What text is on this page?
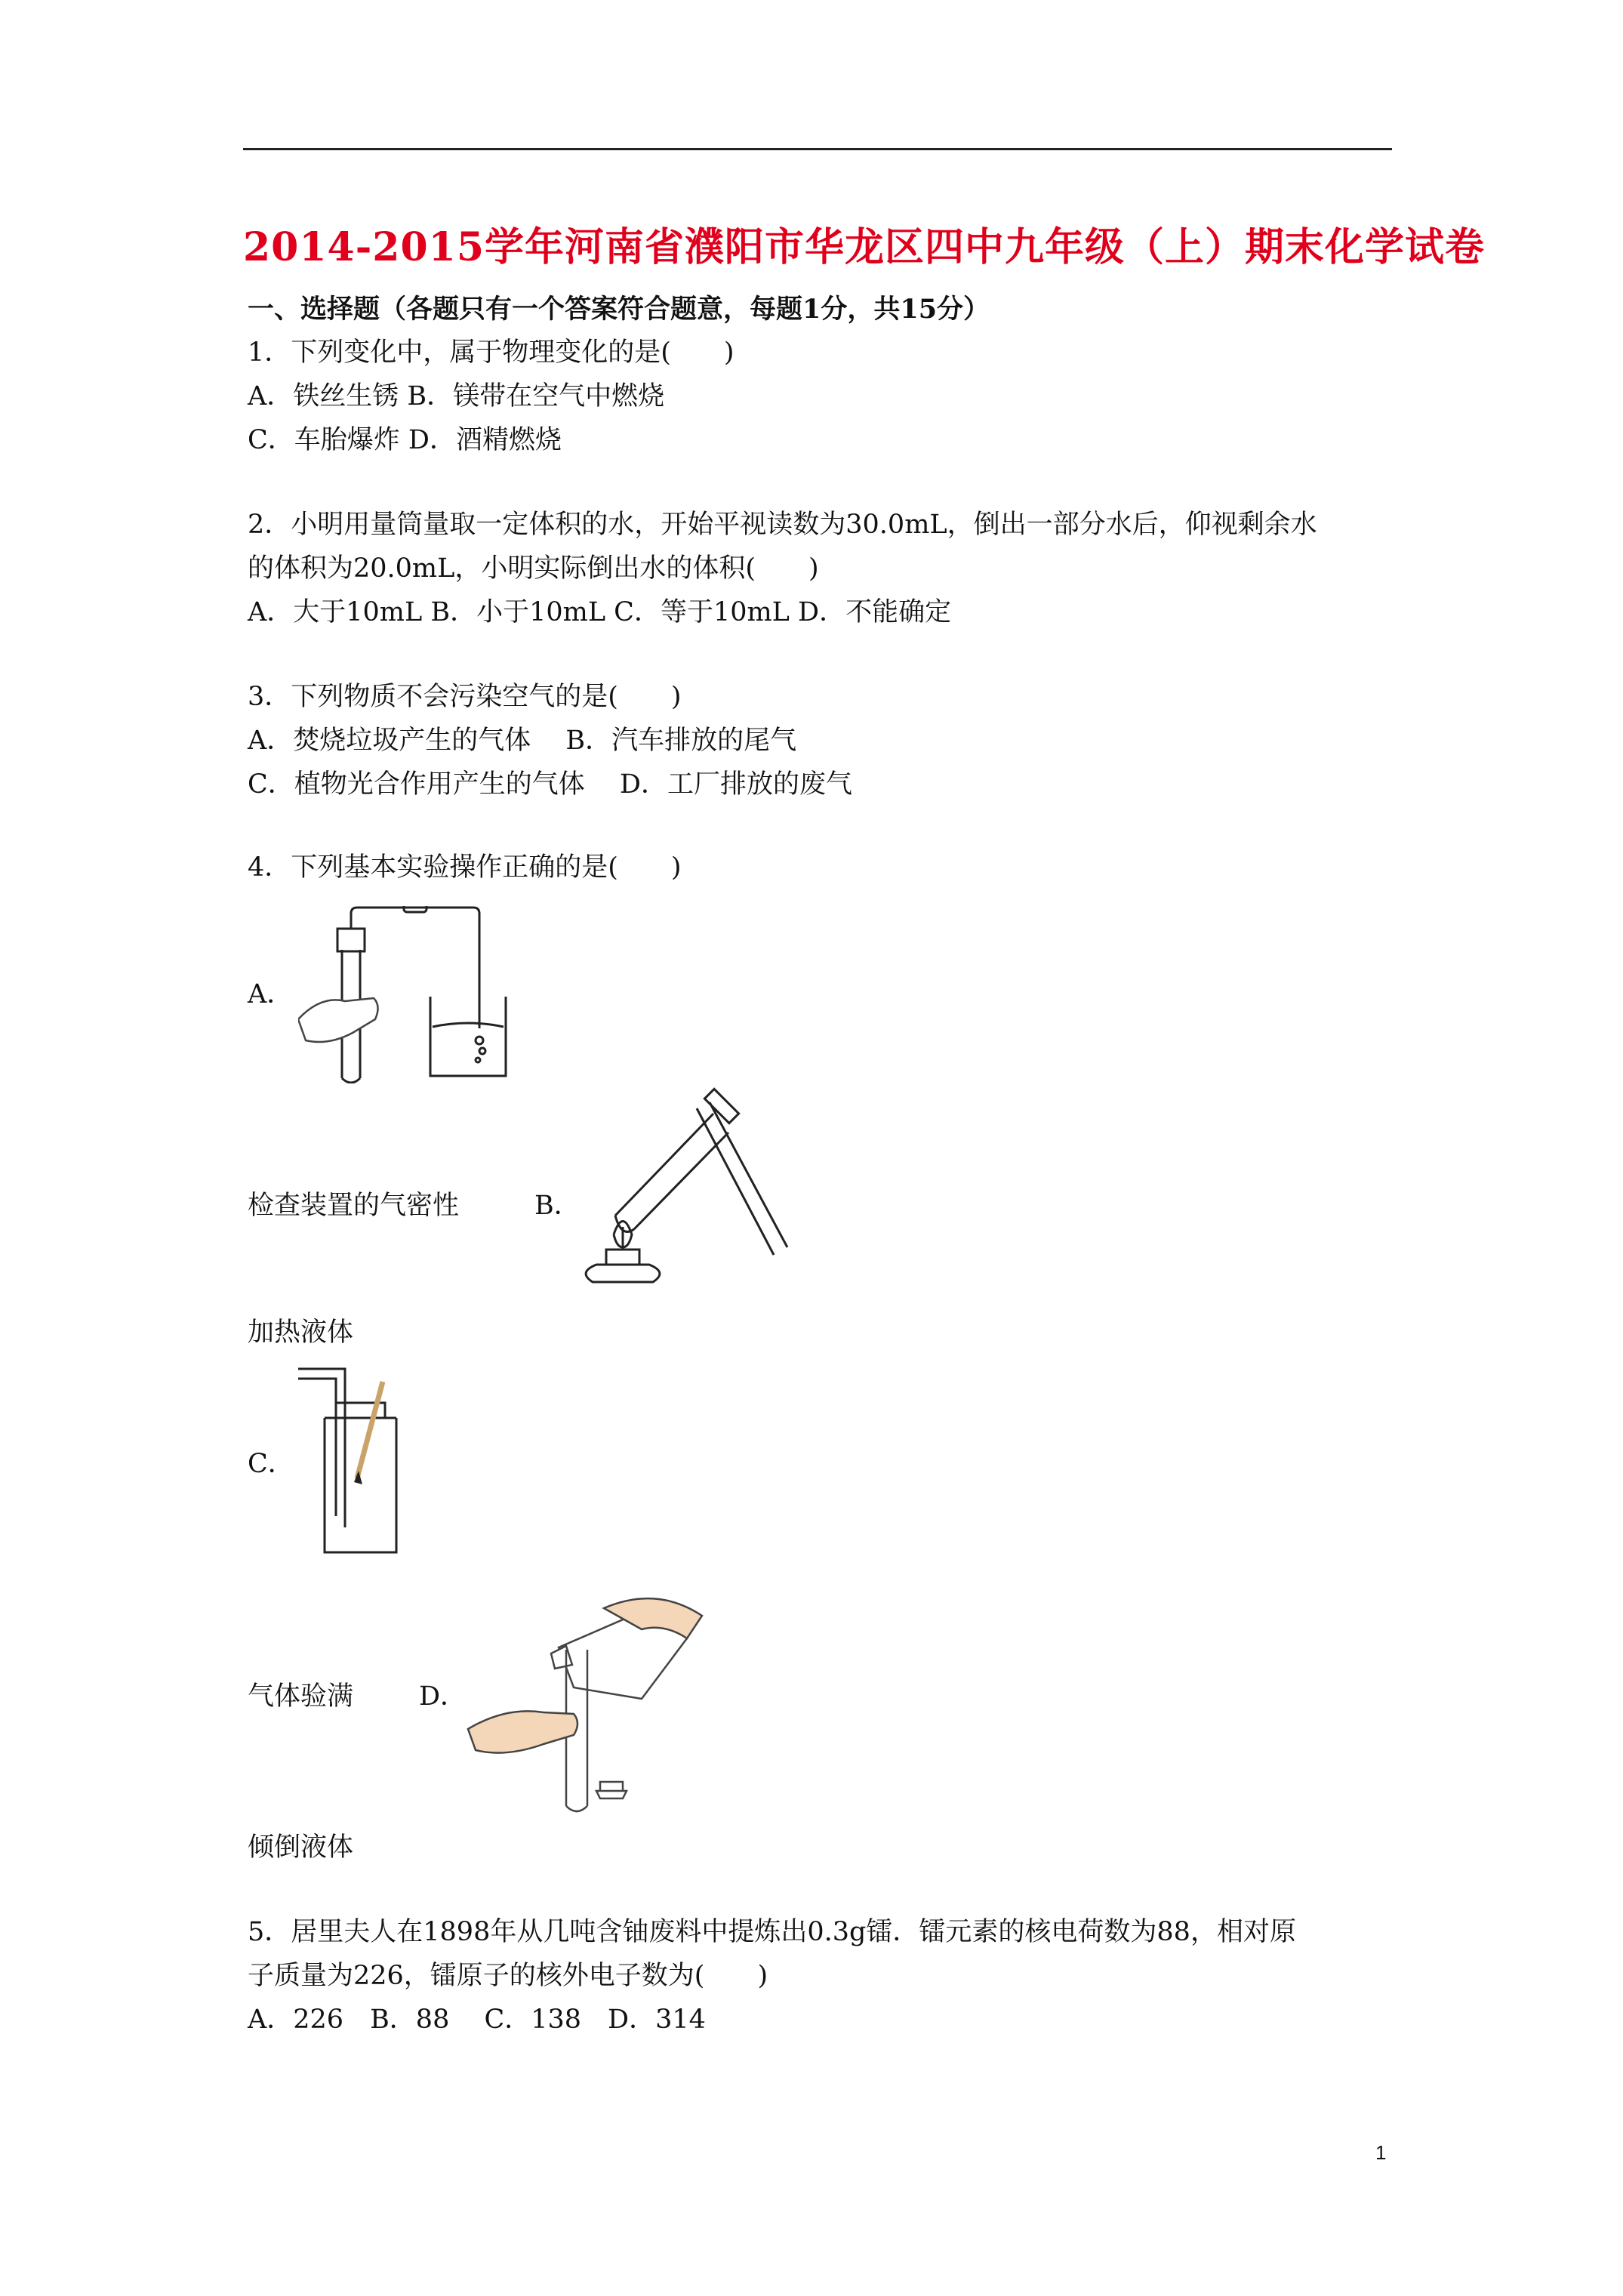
2014-2015学年河南省濮阳市华龙区四中九年级（上）期末化学试卷
一、选择题（各题只有一个答案符合题意，每题1分，共15分）
1．下列变化中，属于物理变化的是(　　)
A．铁丝生锈 B．镁带在空气中燃烧
C．车胎爆炸 D．酒精燃烧
2．小明用量筒量取一定体积的水，开始平视读数为30.0mL，倒出一部分水后，仰视剩余水
的体积为20.0mL，小明实际倒出水的体积(　　)
A．大于10mL B．小于10mL C．等于10mL D．不能确定
3．下列物质不会污染空气的是(　　)
A．焚烧垃圾产生的气体　 B．汽车排放的尾气
C．植物光合作用产生的气体　 D．工厂排放的废气
4．下列基本实验操作正确的是(　　)
A．
检查装置的气密性	B．
加热液体
C．
气体验满 D．
倾倒液体
5．居里夫人在1898年从几吨含铀废料中提炼出0.3g镭．镭元素的核电荷数为88，相对原
子质量为226，镭原子的核外电子数为(　　)
A．226　B．88　 C．138　D．314
1
